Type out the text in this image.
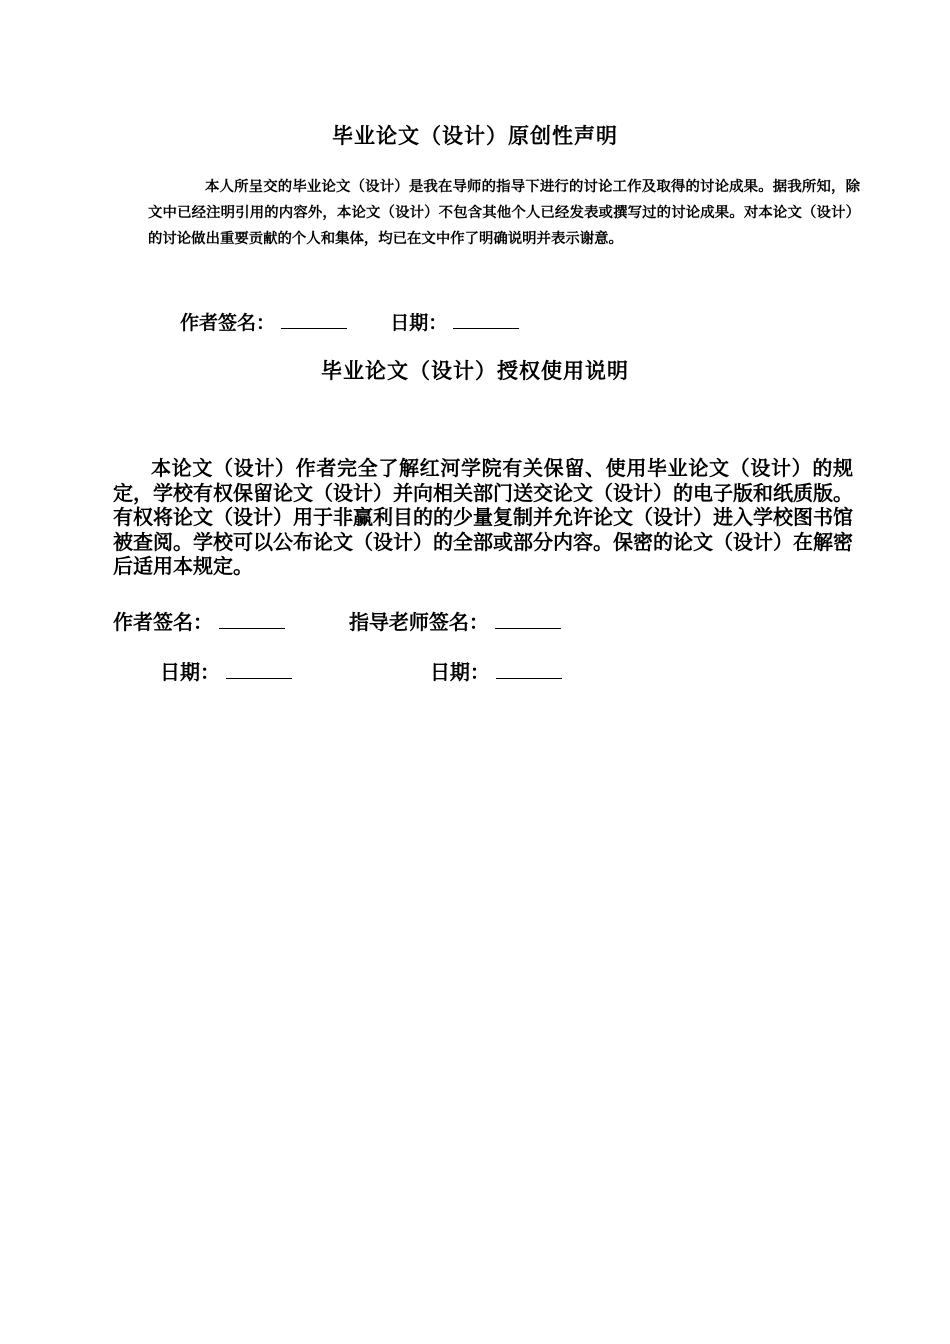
毕业论文（设计）原创性声明
本人所呈交的毕业论文（设计）是我在导师的指导下进行的讨论工作及取得的讨论成果。据我所知，除文中已经注明引用的内容外，本论文（设计）不包含其他个人已经发表或撰写过的讨论成果。对本论文（设计）的讨论做出重要贡献的个人和集体，均已在文中作了明确说明并表示谢意。
作者签名：	日期：
毕业论文（设计）授权使用说明
本论文（设计）作者完全了解红河学院有关保留、使用毕业论文（设计）的规定，学校有权保留论文（设计）并向相关部门送交论文（设计）的电子版和纸质版。有权将论文（设计）用于非赢利目的的少量复制并允许论文（设计）进入学校图书馆被查阅。学校可以公布论文（设计）的全部或部分内容。保密的论文（设计）在解密后适用本规定。
作者签名：	指导老师签名：
日期：	日期：
